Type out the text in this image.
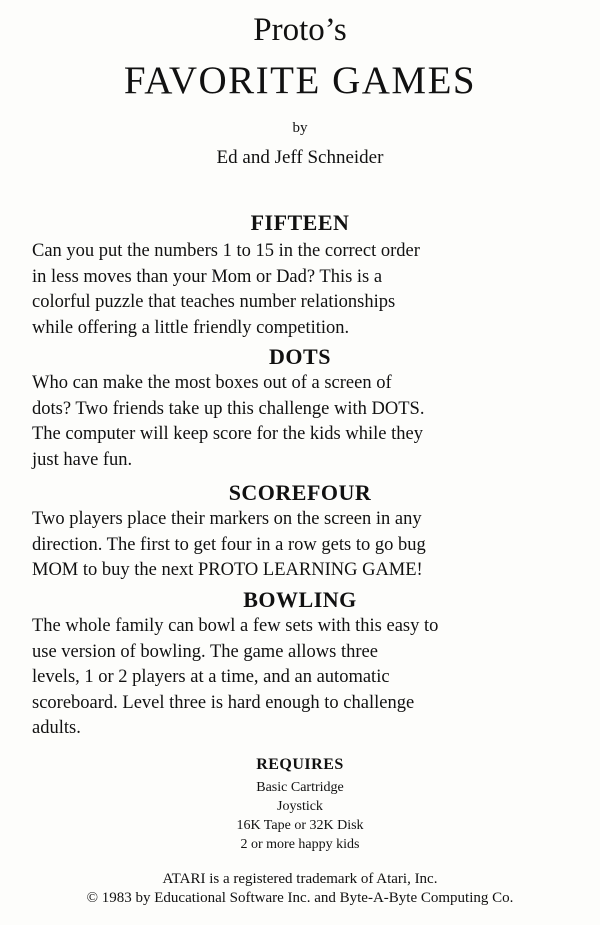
Proto’s
FAVORITE GAMES
by
Ed and Jeff Schneider
FIFTEEN
Can you put the numbers 1 to 15 in the correct order
in less moves than your Mom or Dad? This is a
colorful puzzle that teaches number relationships
while offering a little friendly competition.
DOTS
Who can make the most boxes out of a screen of
dots? Two friends take up this challenge with DOTS.
The computer will keep score for the kids while they
just have fun.
SCOREFOUR
Two players place their markers on the screen in any
direction. The first to get four in a row gets to go bug
MOM to buy the next PROTO LEARNING GAME!
BOWLING
The whole family can bowl a few sets with this easy to
use version of bowling. The game allows three
levels, 1 or 2 players at a time, and an automatic
scoreboard. Level three is hard enough to challenge
adults.
REQUIRES
Basic Cartridge
Joystick
16K Tape or 32K Disk
2 or more happy kids
ATARI is a registered trademark of Atari, Inc.
© 1983 by Educational Software Inc. and Byte-A-Byte Computing Co.
